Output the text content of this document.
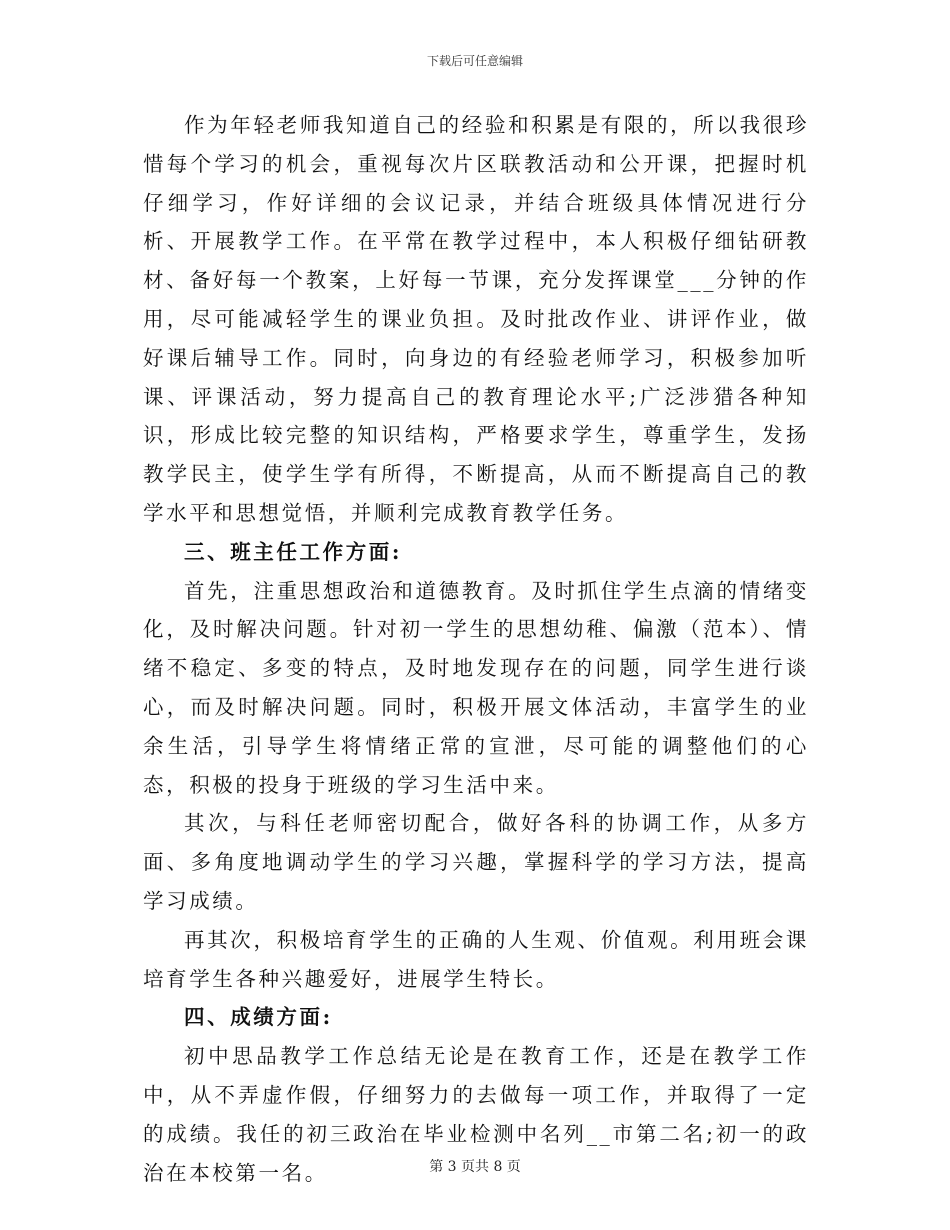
下载后可任意编辑

作为年轻老师我知道自己的经验和积累是有限的，所以我很珍惜每个学习的机会，重视每次片区联教活动和公开课，把握时机仔细学习，作好详细的会议记录，并结合班级具体情况进行分析、开展教学工作。在平常在教学过程中，本人积极仔细钻研教材、备好每一个教案，上好每一节课，充分发挥课堂___分钟的作用，尽可能减轻学生的课业负担。及时批改作业、讲评作业，做好课后辅导工作。同时，向身边的有经验老师学习，积极参加听课、评课活动，努力提高自己的教育理论水平;广泛涉猎各种知识，形成比较完整的知识结构，严格要求学生，尊重学生，发扬教学民主，使学生学有所得，不断提高，从而不断提高自己的教学水平和思想觉悟，并顺利完成教育教学任务。

三、班主任工作方面:

首先，注重思想政治和道德教育。及时抓住学生点滴的情绪变化，及时解决问题。针对初一学生的思想幼稚、偏激（范本）、情绪不稳定、多变的特点，及时地发现存在的问题，同学生进行谈心，而及时解决问题。同时，积极开展文体活动，丰富学生的业余生活，引导学生将情绪正常的宣泄，尽可能的调整他们的心态，积极的投身于班级的学习生活中来。

其次，与科任老师密切配合，做好各科的协调工作，从多方面、多角度地调动学生的学习兴趣，掌握科学的学习方法，提高学习成绩。

再其次，积极培育学生的正确的人生观、价值观。利用班会课培育学生各种兴趣爱好，进展学生特长。

四、成绩方面:

初中思品教学工作总结无论是在教育工作，还是在教学工作中，从不弄虚作假，仔细努力的去做每一项工作，并取得了一定的成绩。我任的初三政治在毕业检测中名列__市第二名;初一的政治在本校第一名。	第 3 页共 8 页
